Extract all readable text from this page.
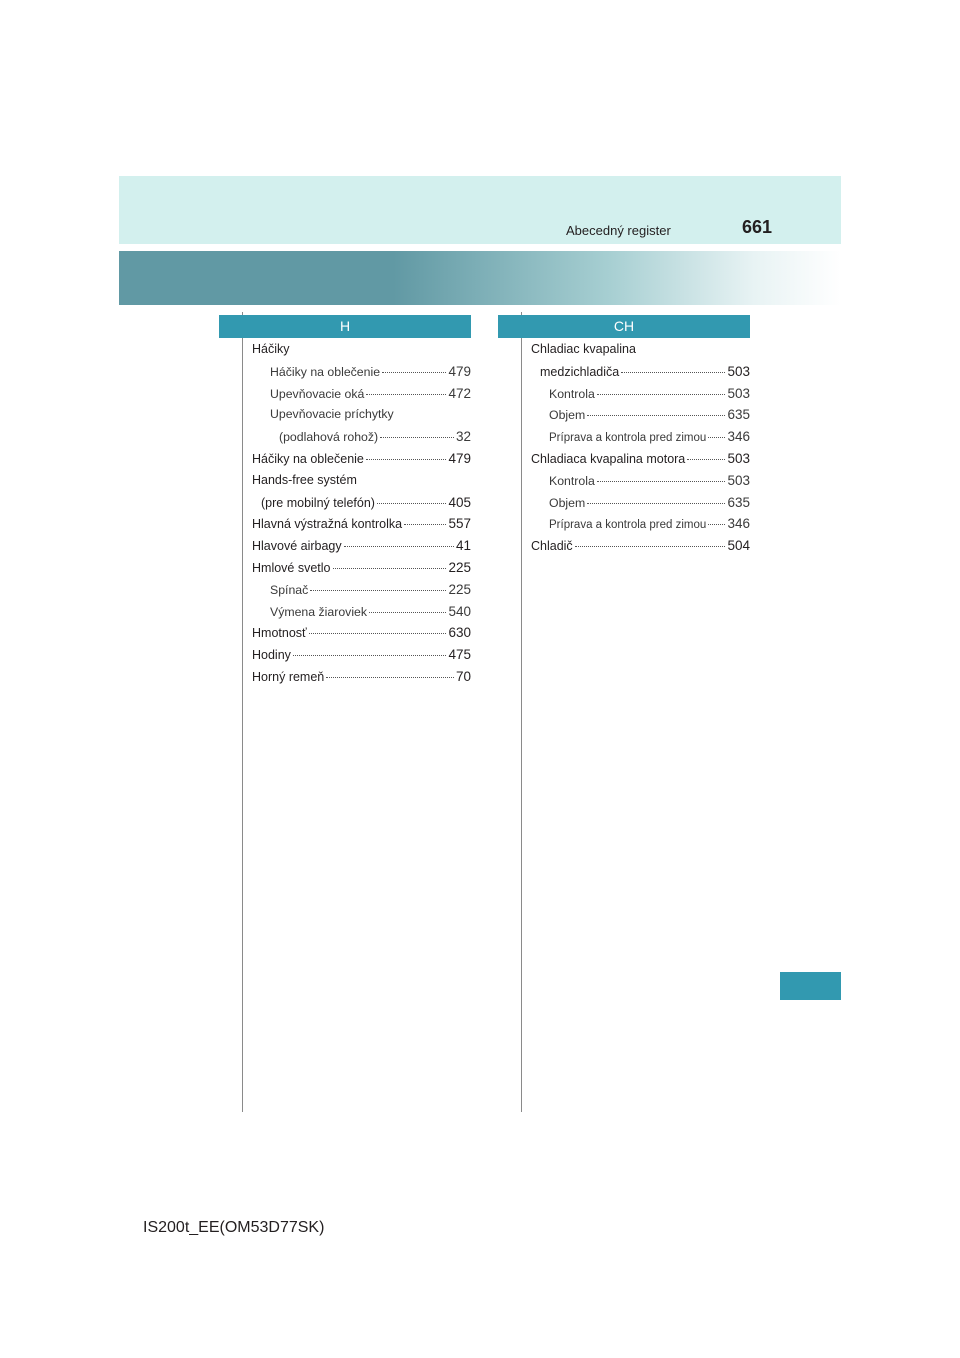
Abecedný register	661
H	CH
Háčiky
Háčiky na oblečenie	479
Upevňovacie oká	472
Upevňovacie príchytky
(podlahová rohož)	32
Háčiky na oblečenie	479
Hands-free systém
(pre mobilný telefón)	405
Hlavná výstražná kontrolka	557
Hlavové airbagy	41
Hmlové svetlo	225
Spínač	225
Výmena žiaroviek	540
Hmotnosť	630
Hodiny	475
Horný remeň	70
Chladiac kvapalina
medzichladiča	503
Kontrola	503
Objem	635
Príprava a kontrola pred zimou 346
Chladiaca kvapalina motora	503
Kontrola	503
Objem	635
Príprava a kontrola pred zimou 346
Chladič	504
IS200t_EE(OM53D77SK)
